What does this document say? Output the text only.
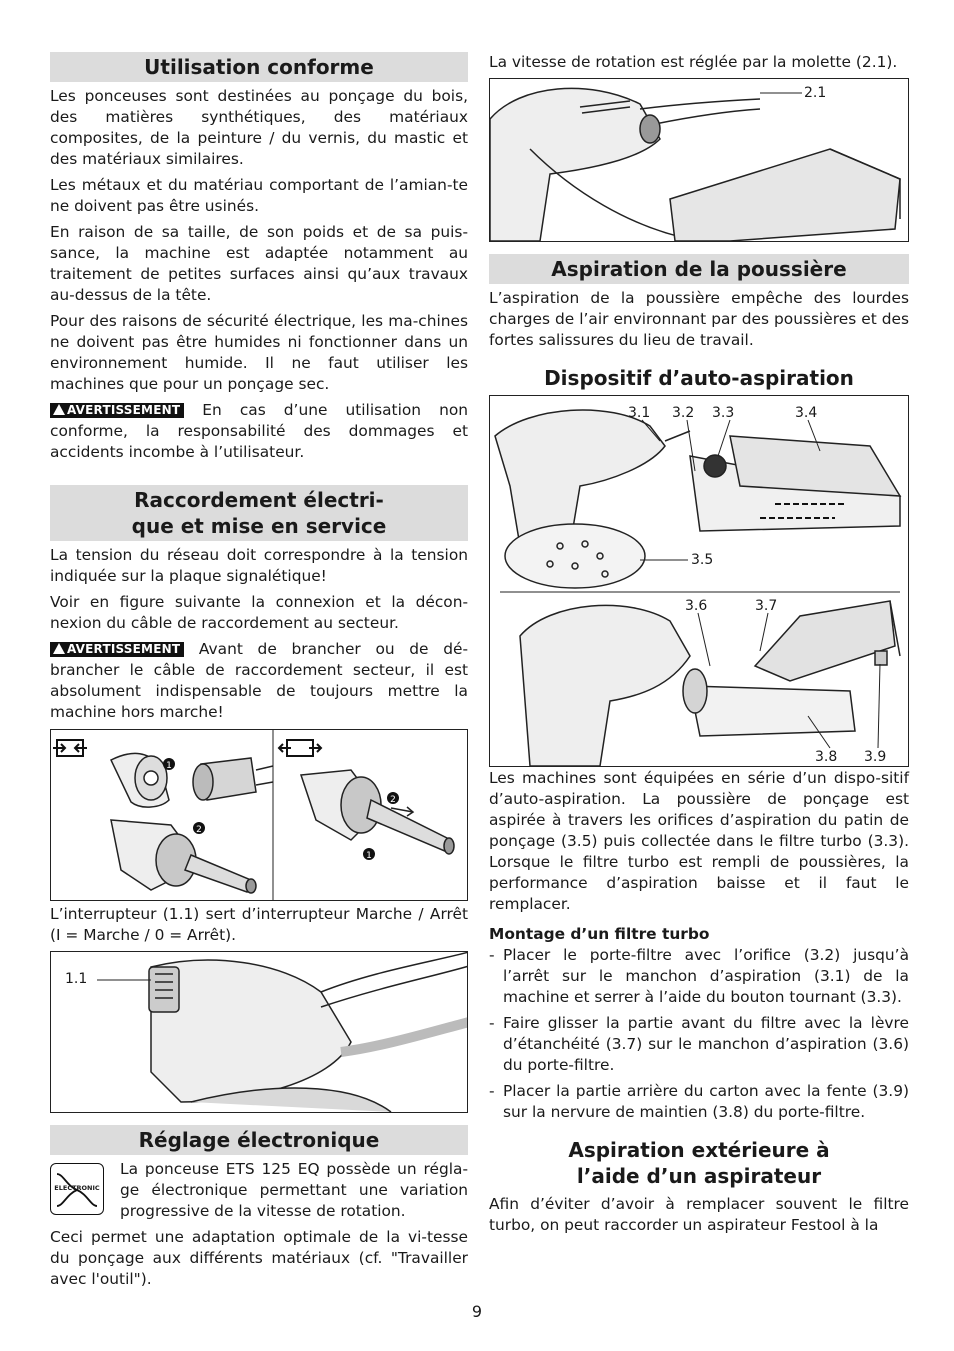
Utilisation conforme

Les ponceuses sont destinées au ponçage du bois, des matières synthétiques, des matériaux composites, de la peinture / du vernis, du mastic et des matériaux similaires.

Les métaux et du matériau comportant de l’amian-te ne doivent pas être usinés.

En raison de sa taille, de son poids et de sa puis-sance, la machine est adaptée notamment au traitement de petites surfaces ainsi qu’aux travaux au-dessus de la tête.

Pour des raisons de sécurité électrique, les ma-chines ne doivent pas être humides ni fonctionner dans un environnement humide. Il ne faut utiliser les machines que pour un ponçage sec.

AVERTISSEMENT En cas d’une utilisation non conforme, la responsabilité des dommages et accidents incombe à l’utilisateur.

Raccordement électri-
que et mise en service

La tension du réseau doit correspondre à la tension indiquée sur la plaque signalétique!

Voir en figure suivante la connexion et la décon-nexion du câble de raccordement au secteur.

AVERTISSEMENT Avant de brancher ou de dé-brancher le câble de raccordement secteur, il est absolument indispensable de toujours mettre la machine hors marche!

1
2
2
1

L’interrupteur (1.1) sert d’interrupteur Marche / Arrêt (I = Marche / 0 = Arrêt).

1.1
Réglage électronique
ELECTRONIC

La ponceuse ETS 125 EQ possède un régla-ge électronique permettant une variation progressive de la vitesse de rotation.

Ceci permet une adaptation optimale de la vi-tesse du ponçage aux différents matériaux (cf. "Travailler avec l'outil").

La vitesse de rotation est réglée par la molette (2.1).

2.1
Aspiration de la poussière

L’aspiration de la poussière empêche des lourdes charges de l’air environnant par des poussières et des fortes salissures du lieu de travail.

Dispositif d’auto-aspiration
3.1 3.2 3.3	3.4
3.5
3.6	3.7
3.8 3.9

Les machines sont équipées en série d’un dispo-sitif d’auto-aspiration. La poussière de ponçage est aspirée à travers les orifices d’aspiration du patin de ponçage (3.5) puis collectée dans le filtre turbo (3.3). Lorsque le filtre turbo est rempli de poussières, la performance d’aspiration baisse et il faut le remplacer.

Montage d’un filtre turbo
- Placer le porte-filtre avec l’orifice (3.2) jusqu’à l’arrêt sur le manchon d’aspiration (3.1) de la machine et serrer à l’aide du bouton tournant (3.3).
- Faire glisser la partie avant du filtre avec la lèvre d’étanchéité (3.7) sur le manchon d’aspiration (3.6) du porte-filtre.
- Placer la partie arrière du carton avec la fente (3.9) sur la nervure de maintien (3.8) du porte-filtre.
Aspiration extérieure à
l’aide d’un aspirateur

Afin d’éviter d’avoir à remplacer souvent le filtre turbo, on peut raccorder un aspirateur Festool à la

9
